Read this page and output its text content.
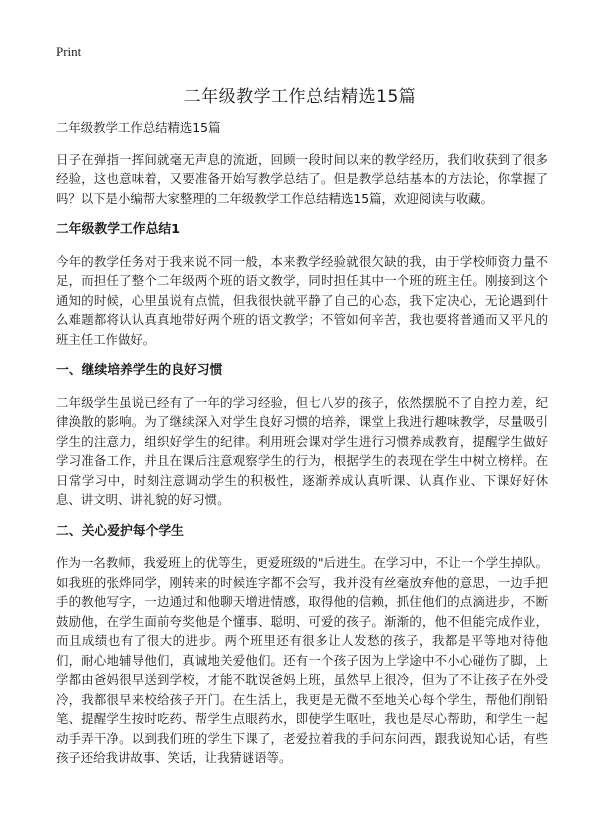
Print
二年级教学工作总结精选15篇

二年级教学工作总结精选15篇

日子在弹指一挥间就毫无声息的流逝，回顾一段时间以来的教学经历，我们收获到了很多经验，这也意味着，又要准备开始写教学总结了。但是教学总结基本的方法论，你掌握了吗？以下是小编帮大家整理的二年级教学工作总结精选15篇，欢迎阅读与收藏。

二年级教学工作总结1

今年的教学任务对于我来说不同一般，本来教学经验就很欠缺的我，由于学校师资力量不足，而担任了整个二年级两个班的语文教学，同时担任其中一个班的班主任。刚接到这个通知的时候，心里虽说有点慌，但我很快就平静了自己的心态，我下定决心，无论遇到什么难题都将认认真真地带好两个班的语文教学；不管如何辛苦，我也要将普通而又平凡的班主任工作做好。

一、继续培养学生的良好习惯

二年级学生虽说已经有了一年的学习经验，但七八岁的孩子，依然摆脱不了自控力差，纪律涣散的影响。为了继续深入对学生良好习惯的培养，课堂上我进行趣味教学，尽量吸引学生的注意力，组织好学生的纪律。利用班会课对学生进行习惯养成教育，提醒学生做好学习准备工作，并且在课后注意观察学生的行为，根据学生的表现在学生中树立榜样。在日常学习中，时刻注意调动学生的积极性，逐渐养成认真听课、认真作业、下课好好休息、讲文明、讲礼貌的好习惯。

二、关心爱护每个学生

作为一名教师，我爱班上的优等生，更爱班级的"后进生。在学习中，不让一个学生掉队。如我班的张烨同学，刚转来的时候连字都不会写，我并没有丝毫放弃他的意思，一边手把手的教他写字，一边通过和他聊天增进情感，取得他的信赖，抓住他们的点滴进步，不断鼓励他，在学生面前夸奖他是个懂事、聪明、可爱的孩子。渐渐的，他不但能完成作业，而且成绩也有了很大的进步。两个班里还有很多让人发愁的孩子，我都是平等地对待他们，耐心地辅导他们，真诚地关爱他们。还有一个孩子因为上学途中不小心碰伤了脚，上学都由爸妈很早送到学校，才能不耽误爸妈上班，虽然早上很冷，但为了不让孩子在外受冷，我都很早来校给孩子开门。在生活上，我更是无微不至地关心每个学生，帮他们削铅笔、提醒学生按时吃药、帮学生点眼药水，即使学生呕吐，我也是尽心帮助，和学生一起动手弄干净。以到我们班的学生下课了，老爱拉着我的手问东问西，跟我说知心话，有些孩子还给我讲故事、笑话，让我猜谜语等。
